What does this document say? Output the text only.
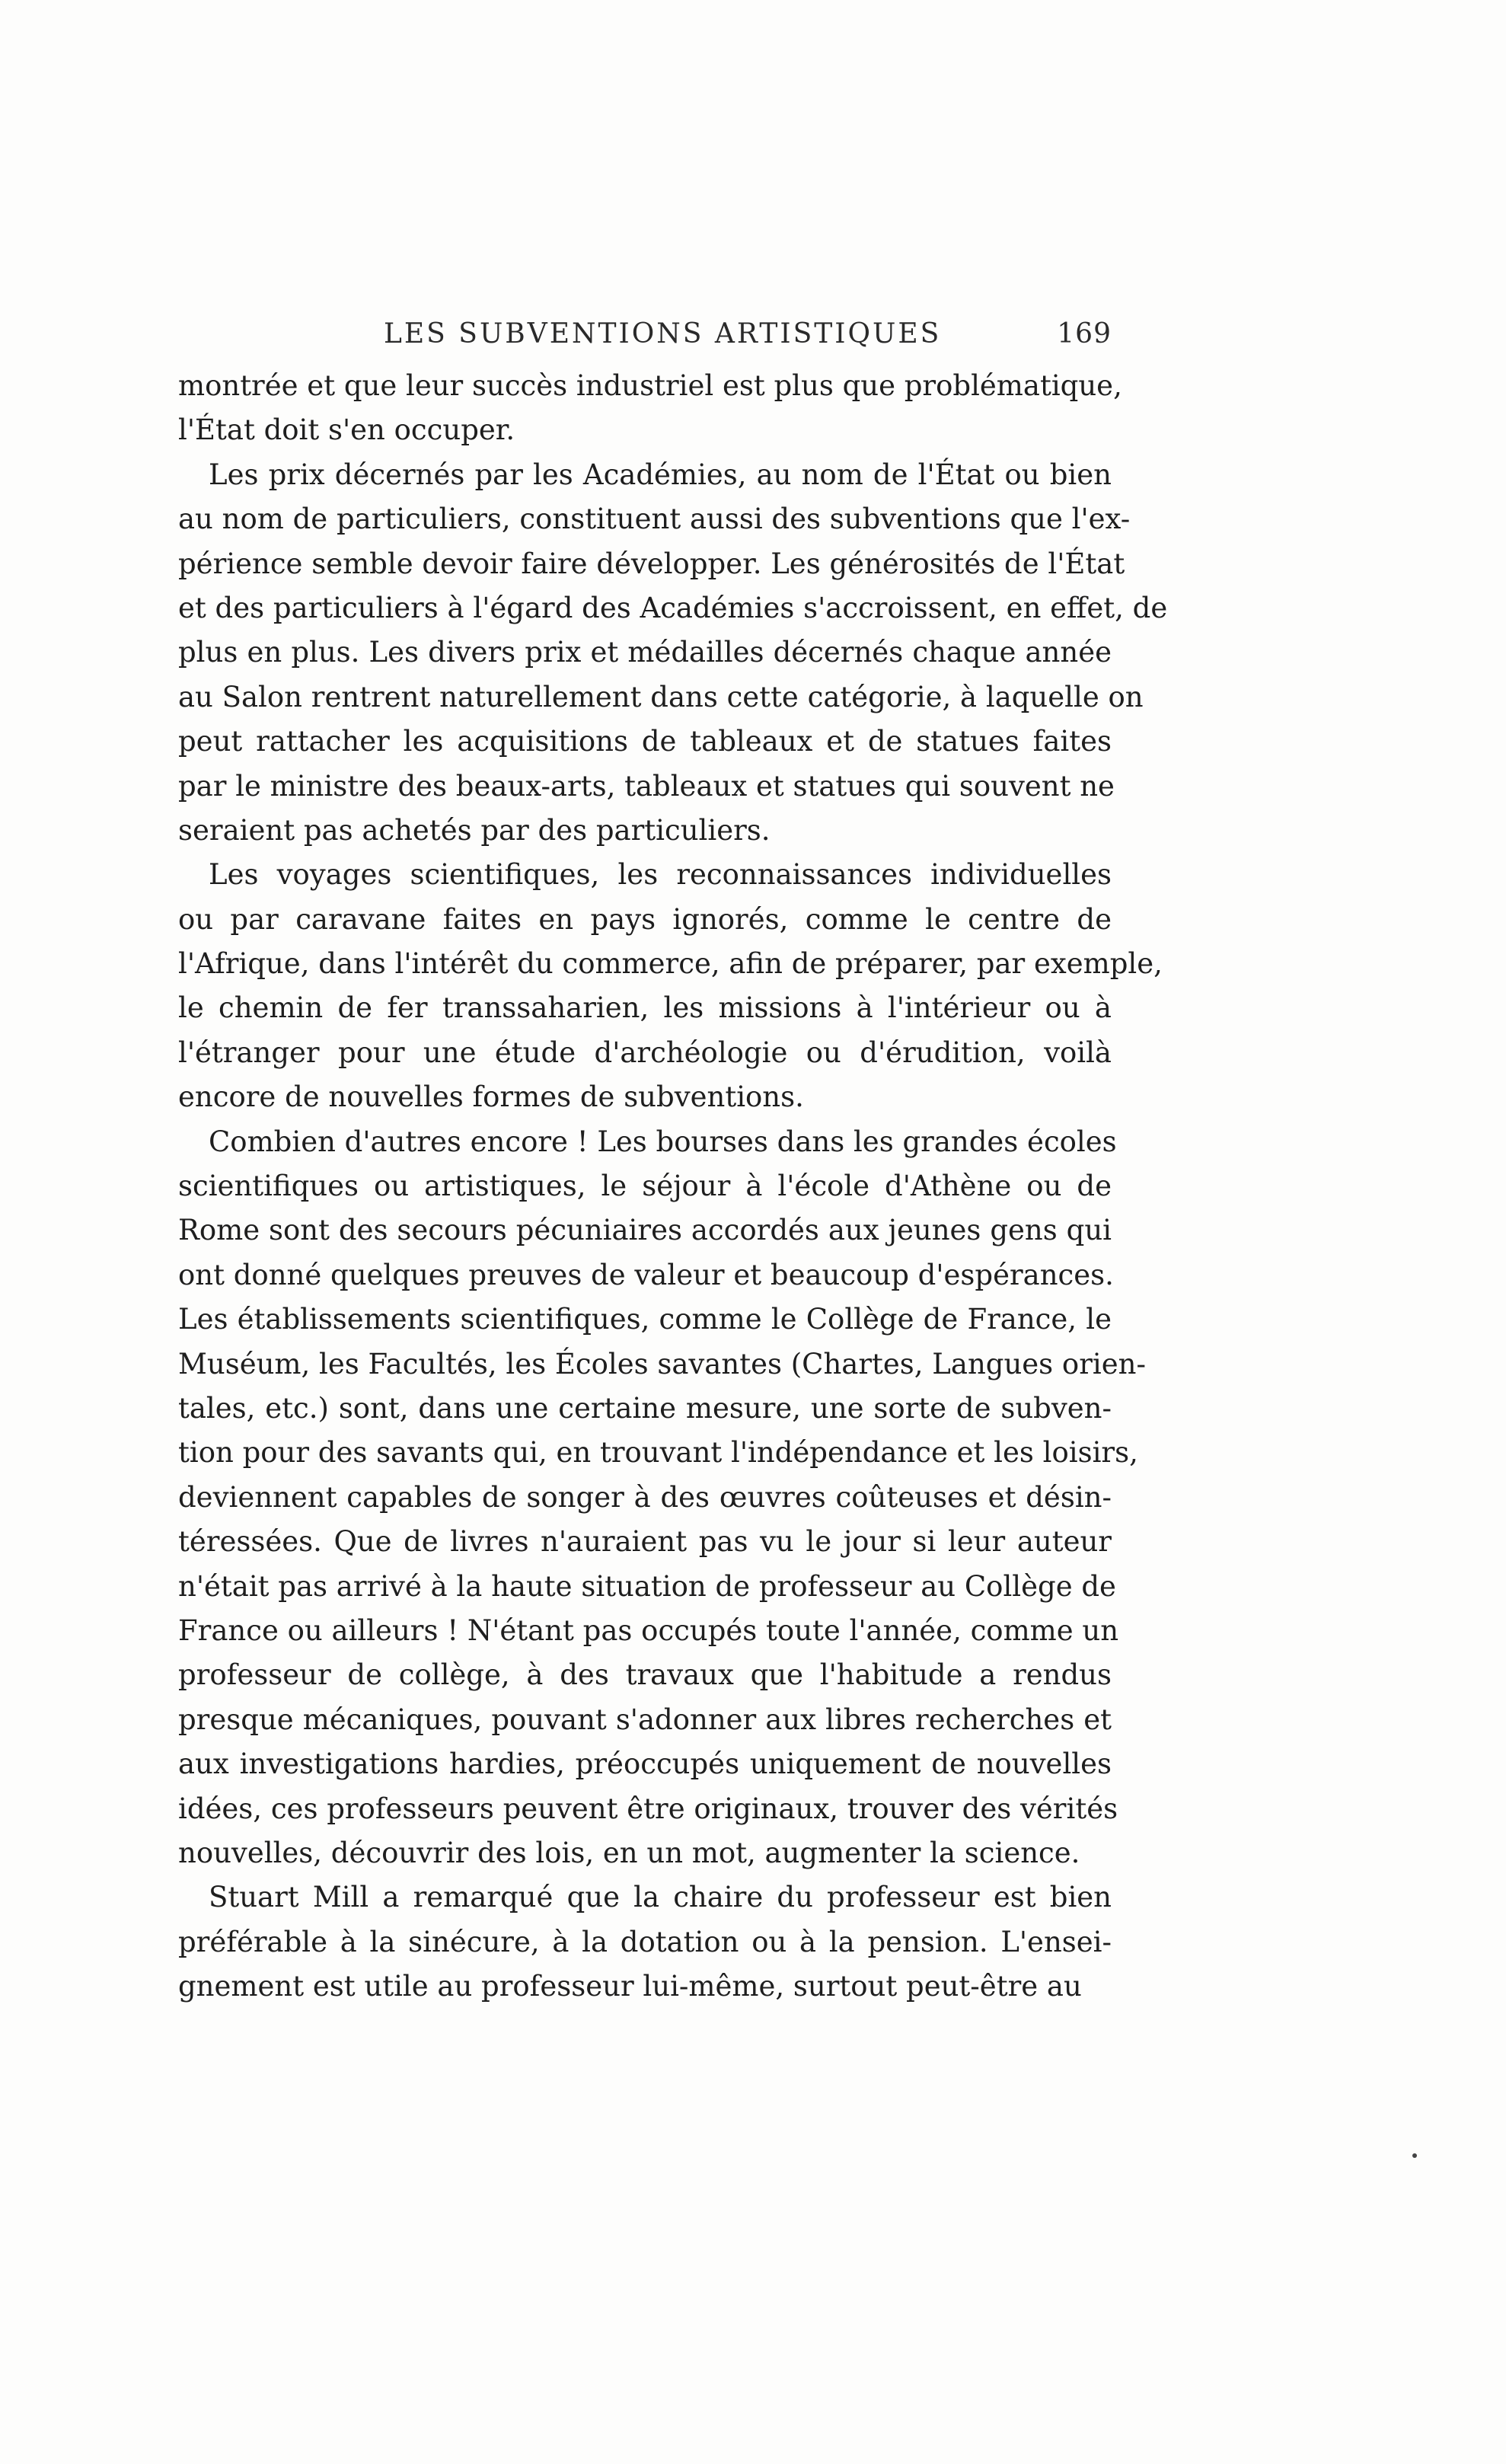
LES SUBVENTIONS ARTISTIQUES	169
montrée et que leur succès industriel est plus que problématique,
l'État doit s'en occuper.
Les prix décernés par les Académies, au nom de l'État ou bien
au nom de particuliers, constituent aussi des subventions que l'ex-
périence semble devoir faire développer. Les générosités de l'État
et des particuliers à l'égard des Académies s'accroissent, en effet, de
plus en plus. Les divers prix et médailles décernés chaque année
au Salon rentrent naturellement dans cette catégorie, à laquelle on
peut rattacher les acquisitions de tableaux et de statues faites
par le ministre des beaux-arts, tableaux et statues qui souvent ne
seraient pas achetés par des particuliers.
Les voyages scientifiques, les reconnaissances individuelles
ou par caravane faites en pays ignorés, comme le centre de
l'Afrique, dans l'intérêt du commerce, afin de préparer, par exemple,
le chemin de fer transsaharien, les missions à l'intérieur ou à
l'étranger pour une étude d'archéologie ou d'érudition, voilà
encore de nouvelles formes de subventions.
Combien d'autres encore ! Les bourses dans les grandes écoles
scientifiques ou artistiques, le séjour à l'école d'Athène ou de
Rome sont des secours pécuniaires accordés aux jeunes gens qui
ont donné quelques preuves de valeur et beaucoup d'espérances.
Les établissements scientifiques, comme le Collège de France, le
Muséum, les Facultés, les Écoles savantes (Chartes, Langues orien-
tales, etc.) sont, dans une certaine mesure, une sorte de subven-
tion pour des savants qui, en trouvant l'indépendance et les loisirs,
deviennent capables de songer à des œuvres coûteuses et désin-
téressées. Que de livres n'auraient pas vu le jour si leur auteur
n'était pas arrivé à la haute situation de professeur au Collège de
France ou ailleurs ! N'étant pas occupés toute l'année, comme un
professeur de collège, à des travaux que l'habitude a rendus
presque mécaniques, pouvant s'adonner aux libres recherches et
aux investigations hardies, préoccupés uniquement de nouvelles
idées, ces professeurs peuvent être originaux, trouver des vérités
nouvelles, découvrir des lois, en un mot, augmenter la science.
Stuart Mill a remarqué que la chaire du professeur est bien
préférable à la sinécure, à la dotation ou à la pension. L'ensei-
gnement est utile au professeur lui-même, surtout peut-être au
